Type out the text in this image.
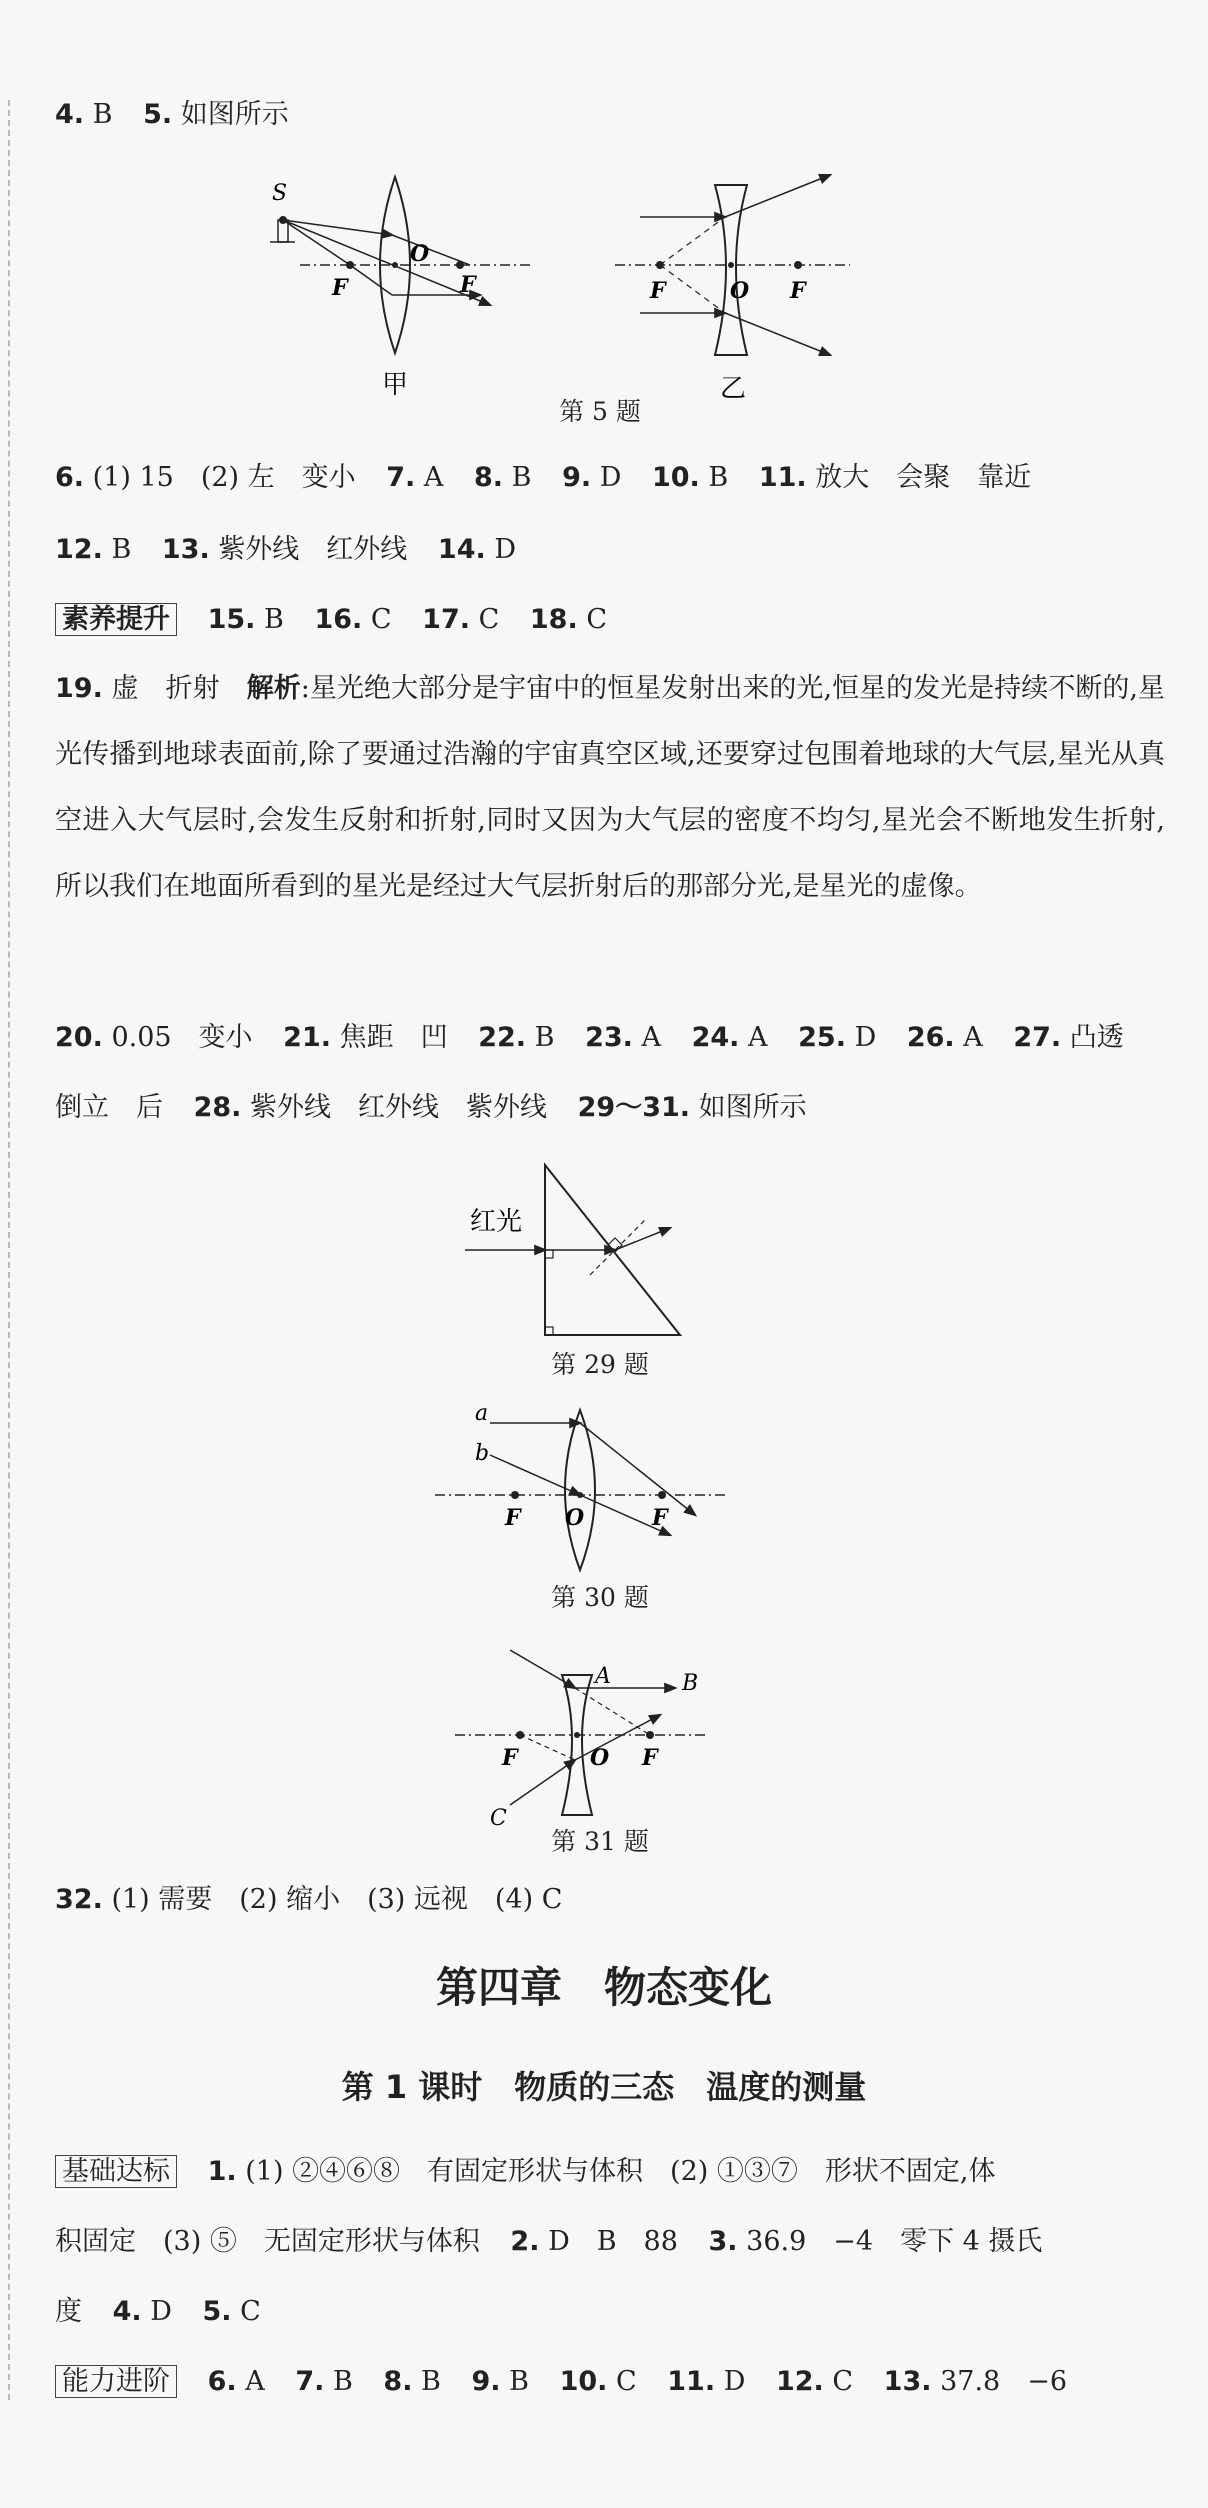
4. B 5. 如图所示
S
F
O
F
甲
F	O F
乙
第 5 题
6. (1) 15　(2) 左　变小 7. A 8. B 9. D 10. B 11. 放大　会聚　靠近
12. B 13. 紫外线　红外线 14. D
素养提升 15. B 16. C 17. C 18. C
19. 虚　折射　 解析:星光绝大部分是宇宙中的恒星发射出来的光,恒星的发光是持续不断的,星光传播到地球表面前,除了要通过浩瀚的宇宙真空区域,还要穿过包围着地球的大气层,星光从真空进入大气层时,会发生反射和折射,同时又因为大气层的密度不均匀,星光会不断地发生折射,所以我们在地面所看到的星光是经过大气层折射后的那部分光,是星光的虚像。
20. 0.05　变小 21. 焦距　凹 22. B 23. A 24. A 25. D 26. A 27. 凸透
倒立　后 28. 紫外线　红外线　紫外线 29～31. 如图所示
红光
第 29 题
a
b
F O	F
第 30 题
A	B
C
F	O F
第 31 题
32. (1) 需要　(2) 缩小　(3) 远视　(4) C
第四章　物态变化
第 1 课时　物质的三态　温度的测量
基础达标 1. (1) ②④⑥⑧　有固定形状与体积　(2) ①③⑦　形状不固定,体
积固定　(3) ⑤　无固定形状与体积 2. D　B　88 3. 36.9　−4　零下 4 摄氏
度 4. D 5. C
能力进阶 6. A 7. B 8. B 9. B 10. C 11. D 12. C 13. 37.8　−6
